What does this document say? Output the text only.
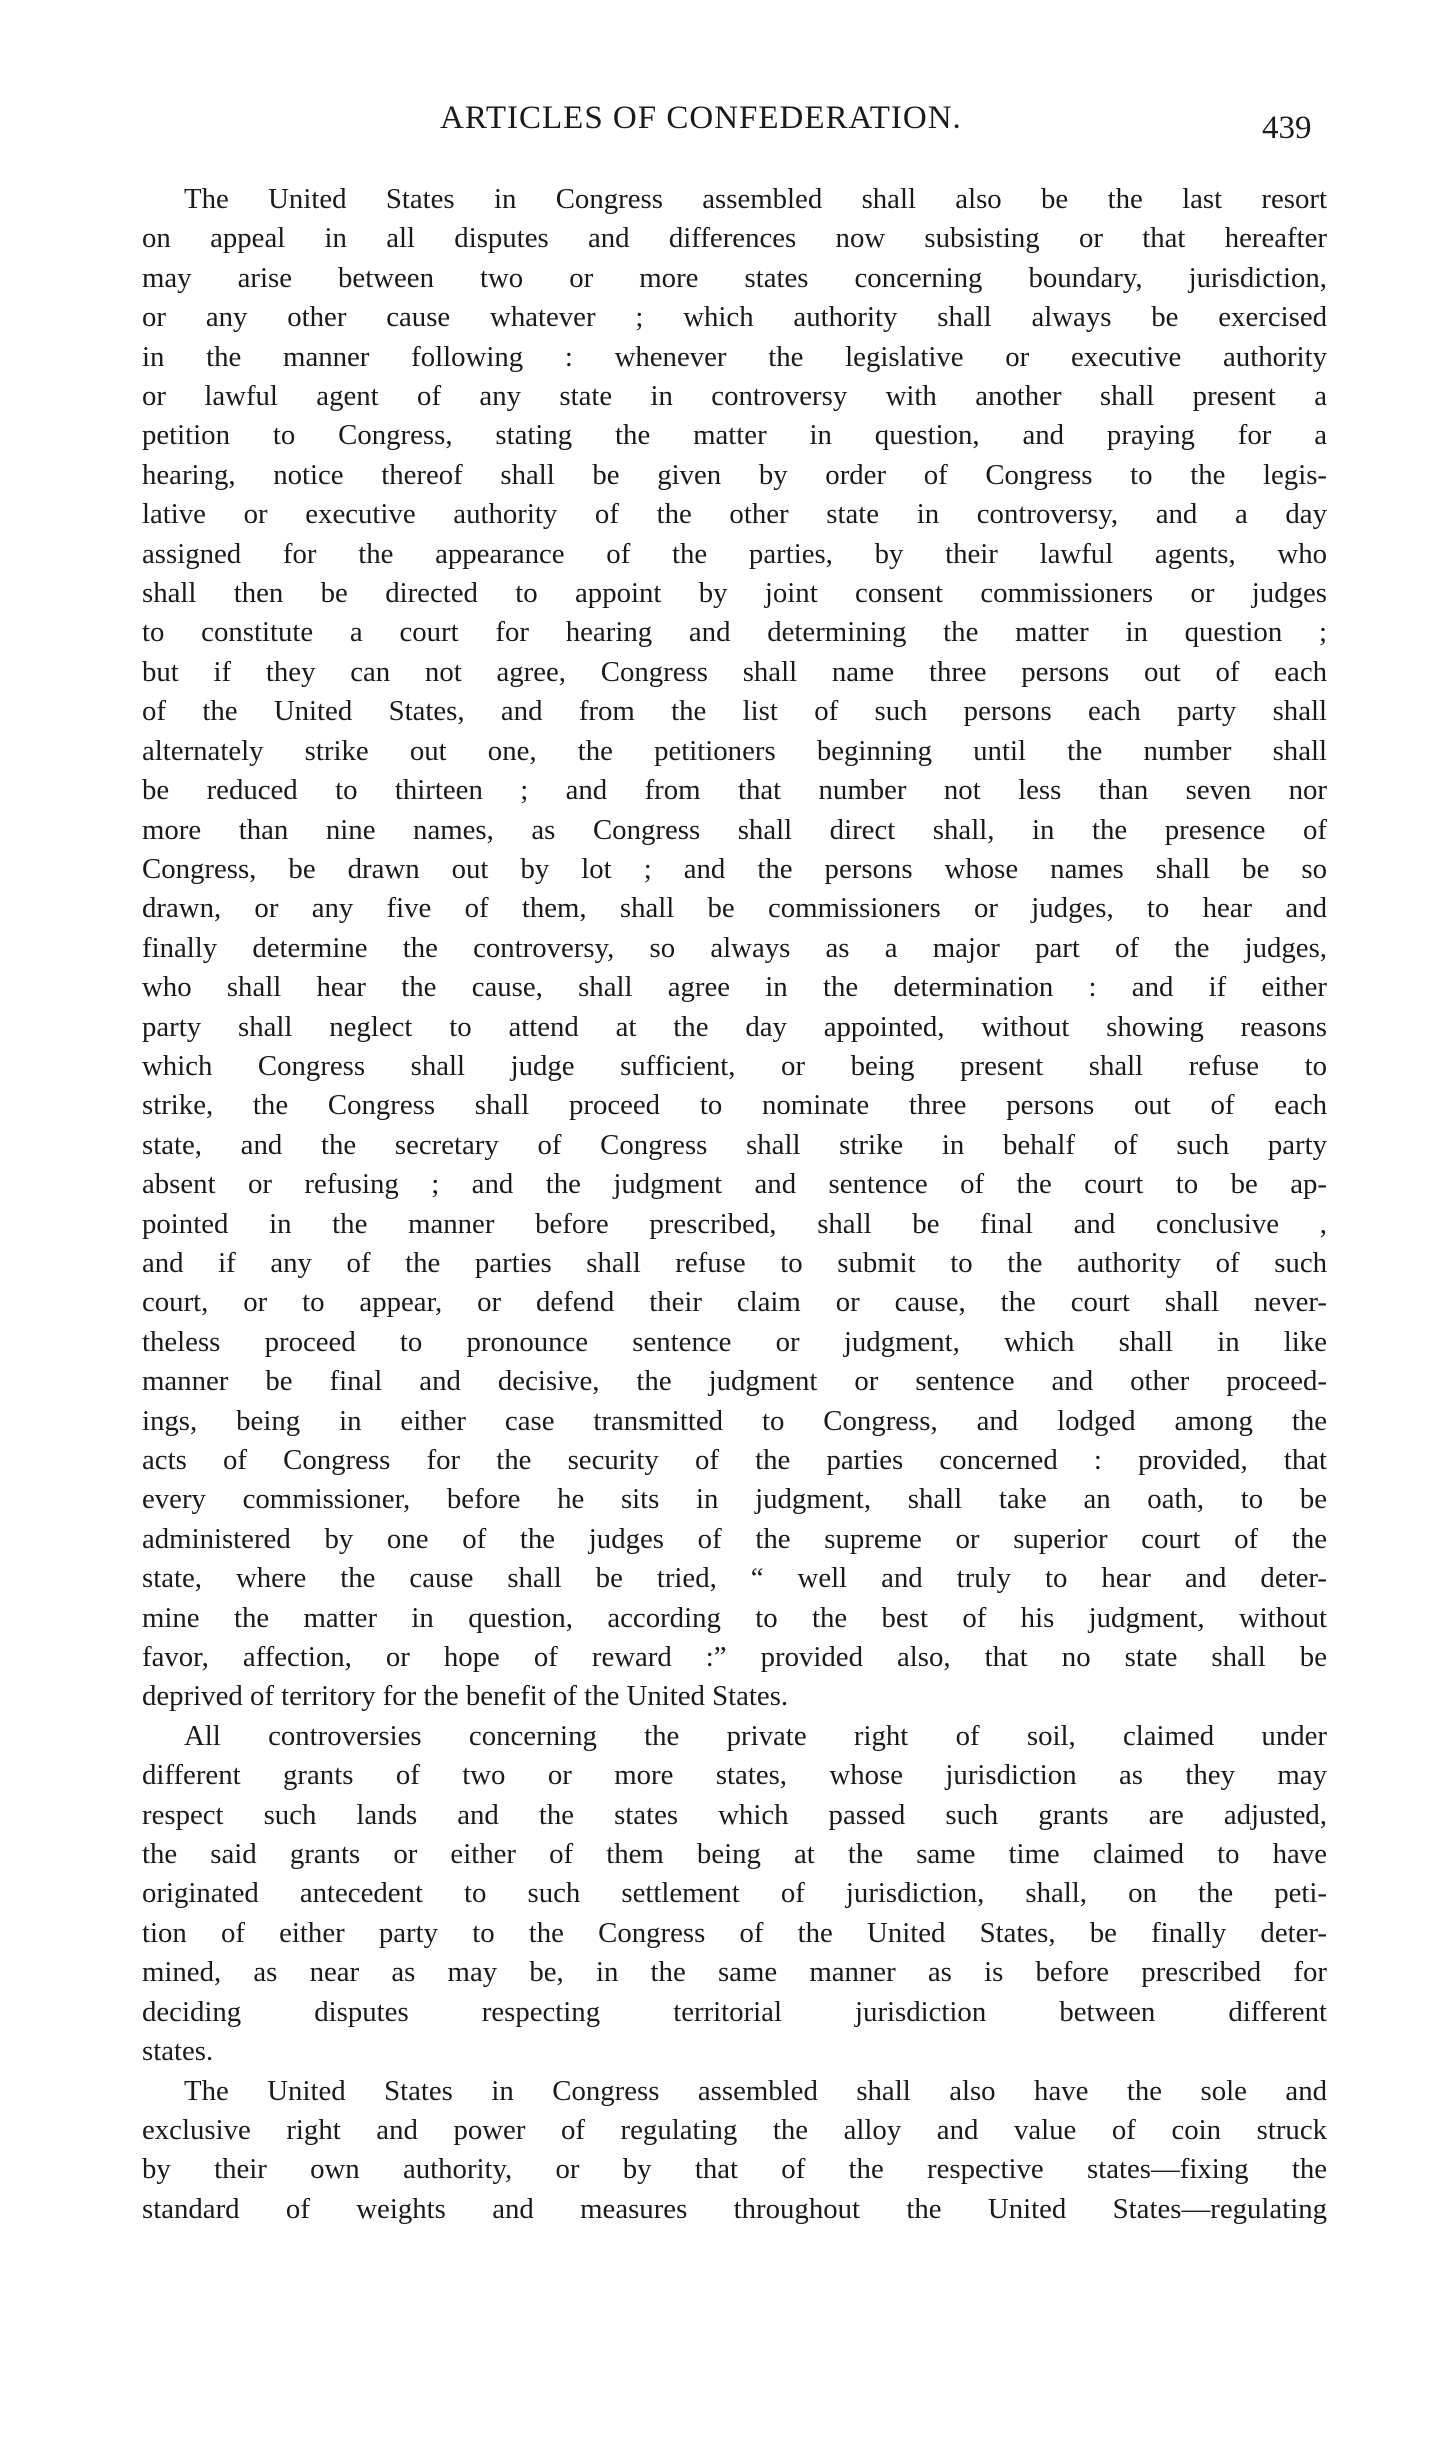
ARTICLES OF CONFEDERATION.	439
The United States in Congress assembled shall also be the last resort
on appeal in all disputes and differences now subsisting or that hereafter
may arise between two or more states concerning boundary, jurisdiction,
or any other cause whatever ; which authority shall always be exercised
in the manner following : whenever the legislative or executive authority
or lawful agent of any state in controversy with another shall present a
petition to Congress, stating the matter in question, and praying for a
hearing, notice thereof shall be given by order of Congress to the legis-
lative or executive authority of the other state in controversy, and a day
assigned for the appearance of the parties, by their lawful agents, who
shall then be directed to appoint by joint consent commissioners or judges
to constitute a court for hearing and determining the matter in question ;
but if they can not agree, Congress shall name three persons out of each
of the United States, and from the list of such persons each party shall
alternately strike out one, the petitioners beginning until the number shall
be reduced to thirteen ; and from that number not less than seven nor
more than nine names, as Congress shall direct shall, in the presence of
Congress, be drawn out by lot ; and the persons whose names shall be so
drawn, or any five of them, shall be commissioners or judges, to hear and
finally determine the controversy, so always as a major part of the judges,
who shall hear the cause, shall agree in the determination : and if either
party shall neglect to attend at the day appointed, without showing reasons
which Congress shall judge sufficient, or being present shall refuse to
strike, the Congress shall proceed to nominate three persons out of each
state, and the secretary of Congress shall strike in behalf of such party
absent or refusing ; and the judgment and sentence of the court to be ap-
pointed in the manner before prescribed, shall be final and conclusive ,
and if any of the parties shall refuse to submit to the authority of such
court, or to appear, or defend their claim or cause, the court shall never-
theless proceed to pronounce sentence or judgment, which shall in like
manner be final and decisive, the judgment or sentence and other proceed-
ings, being in either case transmitted to Congress, and lodged among the
acts of Congress for the security of the parties concerned : provided, that
every commissioner, before he sits in judgment, shall take an oath, to be
administered by one of the judges of the supreme or superior court of the
state, where the cause shall be tried, “ well and truly to hear and deter-
mine the matter in question, according to the best of his judgment, without
favor, affection, or hope of reward :” provided also, that no state shall be
deprived of territory for the benefit of the United States.
All controversies concerning the private right of soil, claimed under
different grants of two or more states, whose jurisdiction as they may
respect such lands and the states which passed such grants are adjusted,
the said grants or either of them being at the same time claimed to have
originated antecedent to such settlement of jurisdiction, shall, on the peti-
tion of either party to the Congress of the United States, be finally deter-
mined, as near as may be, in the same manner as is before prescribed for
deciding disputes respecting territorial jurisdiction between different
states.
The United States in Congress assembled shall also have the sole and
exclusive right and power of regulating the alloy and value of coin struck
by their own authority, or by that of the respective states—fixing the
standard of weights and measures throughout the United States—regulating
